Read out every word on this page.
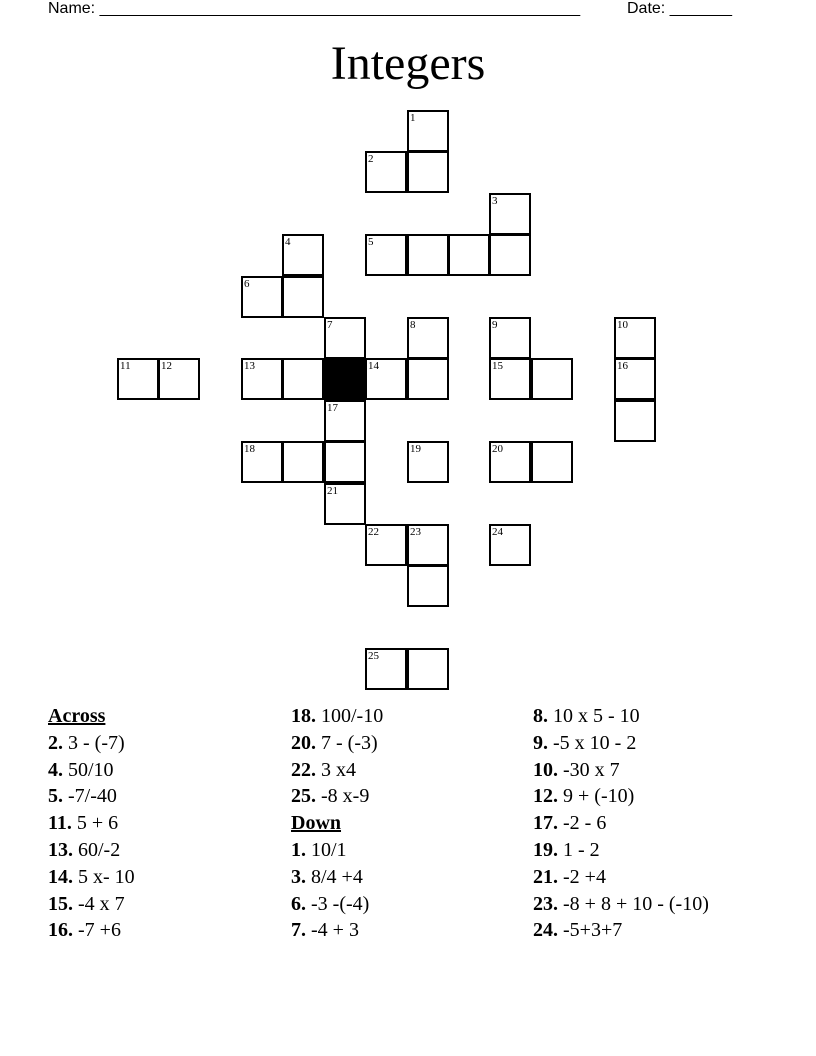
Name: ______________________________________________________	Date: _______
Integers
1
2
3
4	5
6
7	8	9	10
11	12	13	14	15	16
17
18	19	20
21
22	23	24
25
Across
2. 3 - (-7)
4. 50/10
5. -7/-40
11. 5 + 6
13. 60/-2
14. 5 x- 10
15. -4 x 7
16. -7 +6
18. 100/-10
20. 7 - (-3)
22. 3 x4
25. -8 x-9
Down
1. 10/1
3. 8/4 +4
6. -3 -(-4)
7. -4 + 3
8. 10 x 5 - 10
9. -5 x 10 - 2
10. -30 x 7
12. 9 + (-10)
17. -2 - 6
19. 1 - 2
21. -2 +4
23. -8 + 8 + 10 - (-10)
24. -5+3+7
